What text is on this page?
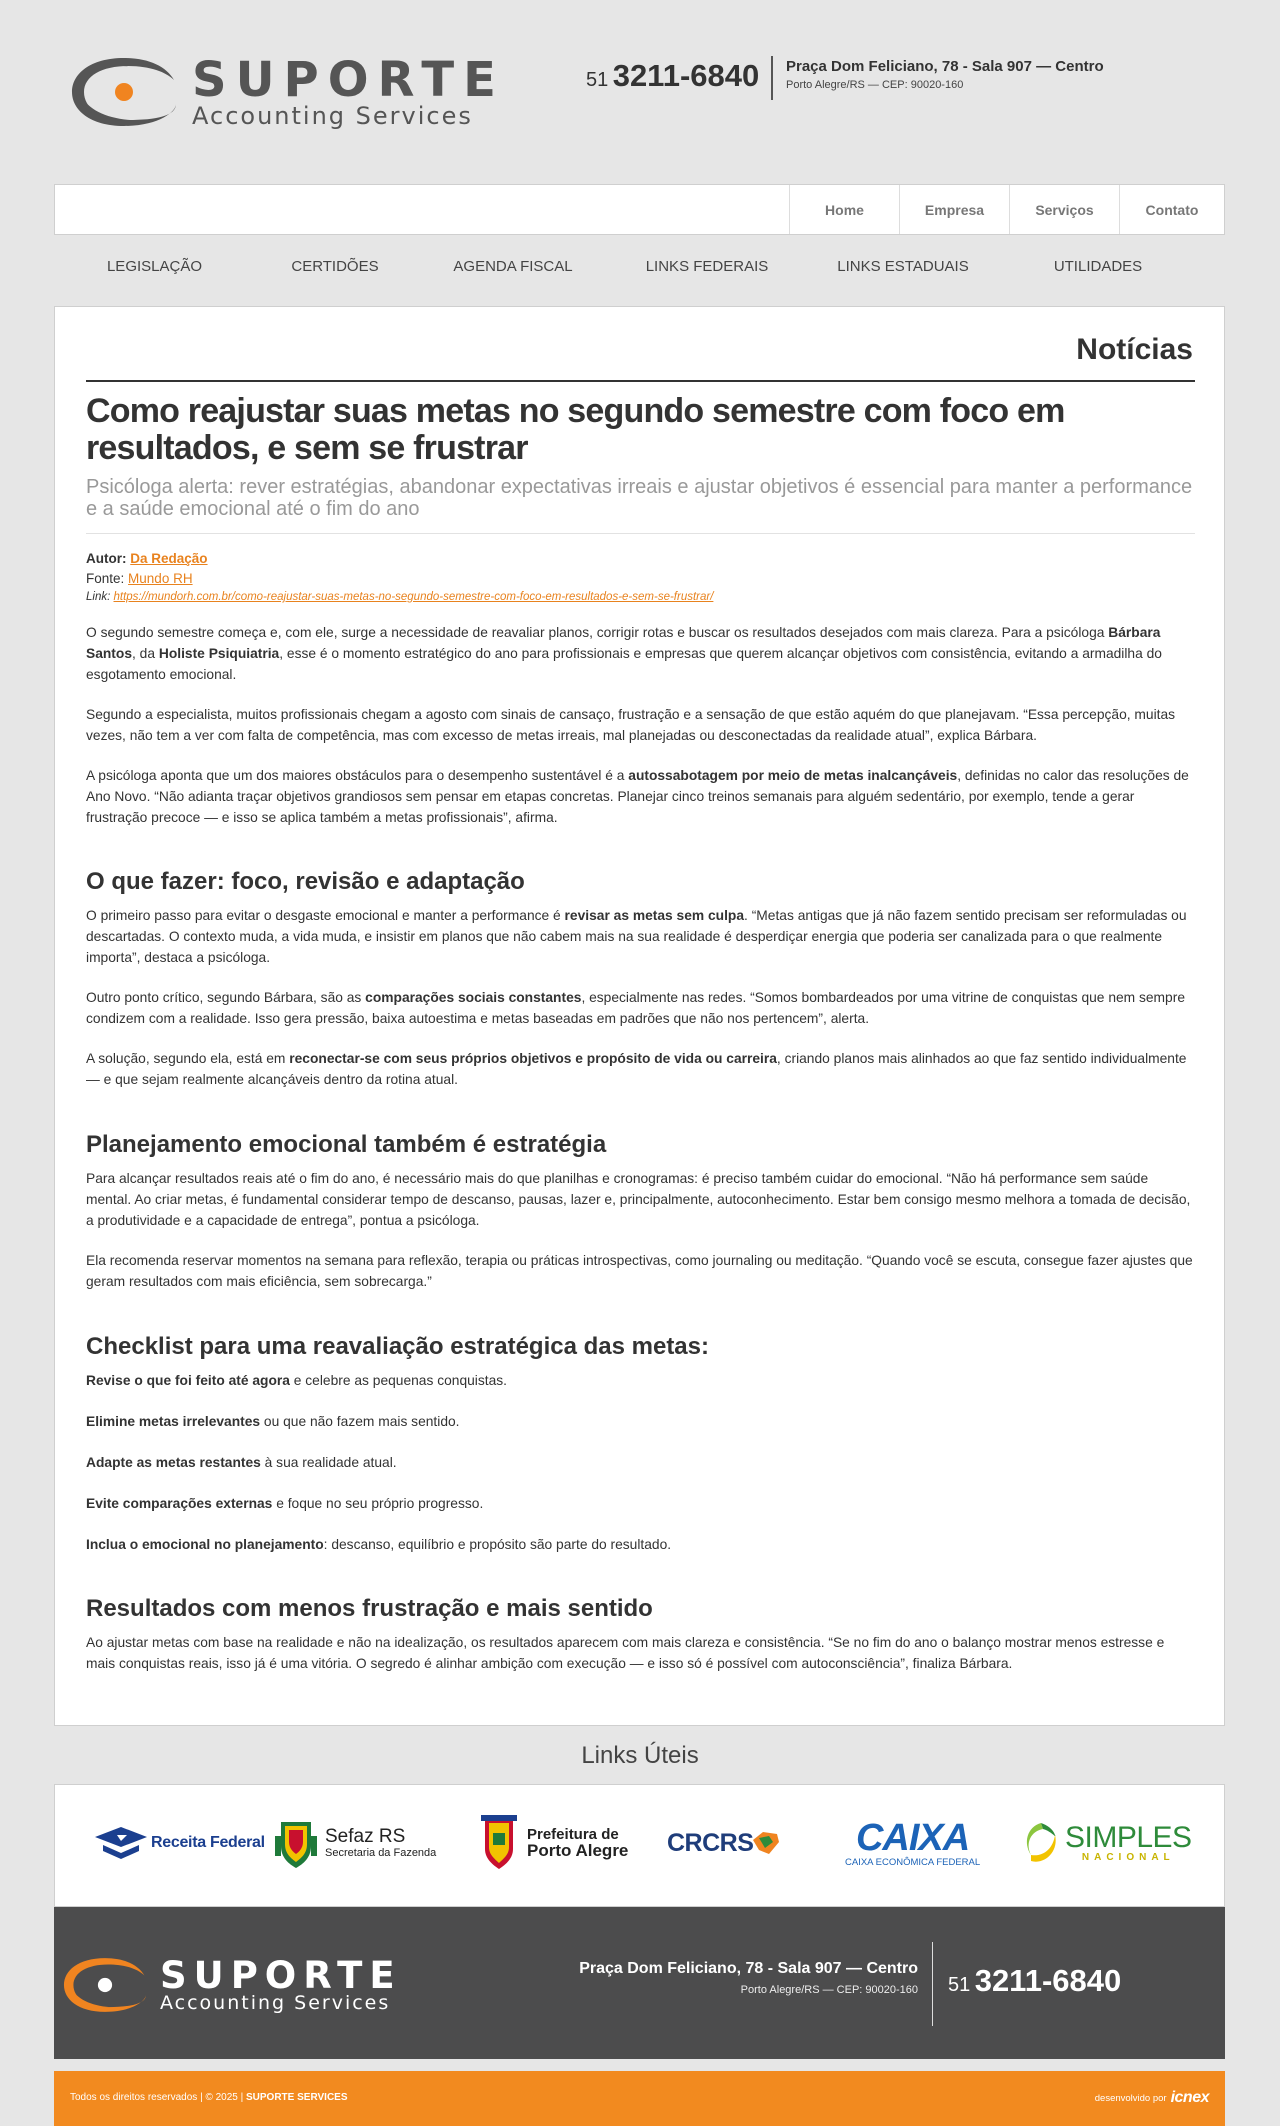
SUPORTE
Accounting Services
51 3211-6840 Praça Dom Feliciano, 78 - Sala 907 — Centro
Porto Alegre/RS — CEP: 90020-160
Home	Empresa	Serviços	Contato
LEGISLAÇÃO	CERTIDÕES	AGENDA FISCAL	LINKS FEDERAIS	LINKS ESTADUAIS	UTILIDADES
Notícias
Como reajustar suas metas no segundo semestre com foco em resultados, e sem se frustrar
Psicóloga alerta: rever estratégias, abandonar expectativas irreais e ajustar objetivos é essencial para manter a performance e a saúde emocional até o fim do ano
Autor: Da Redação
Fonte: Mundo RH
Link: https://mundorh.com.br/como-reajustar-suas-metas-no-segundo-semestre-com-foco-em-resultados-e-sem-se-frustrar/

O segundo semestre começa e, com ele, surge a necessidade de reavaliar planos, corrigir rotas e buscar os resultados desejados com mais clareza. Para a psicóloga Bárbara Santos, da Holiste Psiquiatria, esse é o momento estratégico do ano para profissionais e empresas que querem alcançar objetivos com consistência, evitando a armadilha do esgotamento emocional.

Segundo a especialista, muitos profissionais chegam a agosto com sinais de cansaço, frustração e a sensação de que estão aquém do que planejavam. “Essa percepção, muitas vezes, não tem a ver com falta de competência, mas com excesso de metas irreais, mal planejadas ou desconectadas da realidade atual”, explica Bárbara.

A psicóloga aponta que um dos maiores obstáculos para o desempenho sustentável é a autossabotagem por meio de metas inalcançáveis, definidas no calor das resoluções de Ano Novo. “Não adianta traçar objetivos grandiosos sem pensar em etapas concretas. Planejar cinco treinos semanais para alguém sedentário, por exemplo, tende a gerar frustração precoce — e isso se aplica também a metas profissionais”, afirma.

O que fazer: foco, revisão e adaptação

O primeiro passo para evitar o desgaste emocional e manter a performance é revisar as metas sem culpa. “Metas antigas que já não fazem sentido precisam ser reformuladas ou descartadas. O contexto muda, a vida muda, e insistir em planos que não cabem mais na sua realidade é desperdiçar energia que poderia ser canalizada para o que realmente importa”, destaca a psicóloga.

Outro ponto crítico, segundo Bárbara, são as comparações sociais constantes, especialmente nas redes. “Somos bombardeados por uma vitrine de conquistas que nem sempre condizem com a realidade. Isso gera pressão, baixa autoestima e metas baseadas em padrões que não nos pertencem”, alerta.

A solução, segundo ela, está em reconectar-se com seus próprios objetivos e propósito de vida ou carreira, criando planos mais alinhados ao que faz sentido individualmente — e que sejam realmente alcançáveis dentro da rotina atual.

Planejamento emocional também é estratégia

Para alcançar resultados reais até o fim do ano, é necessário mais do que planilhas e cronogramas: é preciso também cuidar do emocional. “Não há performance sem saúde mental. Ao criar metas, é fundamental considerar tempo de descanso, pausas, lazer e, principalmente, autoconhecimento. Estar bem consigo mesmo melhora a tomada de decisão, a produtividade e a capacidade de entrega”, pontua a psicóloga.

Ela recomenda reservar momentos na semana para reflexão, terapia ou práticas introspectivas, como journaling ou meditação. “Quando você se escuta, consegue fazer ajustes que geram resultados com mais eficiência, sem sobrecarga.”

Checklist para uma reavaliação estratégica das metas:

Revise o que foi feito até agora e celebre as pequenas conquistas.

Elimine metas irrelevantes ou que não fazem mais sentido.

Adapte as metas restantes à sua realidade atual.

Evite comparações externas e foque no seu próprio progresso.

Inclua o emocional no planejamento: descanso, equilíbrio e propósito são parte do resultado.

Resultados com menos frustração e mais sentido

Ao ajustar metas com base na realidade e não na idealização, os resultados aparecem com mais clareza e consistência. “Se no fim do ano o balanço mostrar menos estresse e mais conquistas reais, isso já é uma vitória. O segredo é alinhar ambição com execução — e isso só é possível com autoconsciência”, finaliza Bárbara.

Links Úteis
Receita Federal	Sefaz RS
Secretaria da Fazenda
Prefeitura de
Porto Alegre CRCRS	CAIXA
CAIXA ECONÔMICA FEDERAL
SIMPLES
NACIONAL
SUPORTE
Accounting Services
Praça Dom Feliciano, 78 - Sala 907 — Centro
Porto Alegre/RS — CEP: 90020-160 51 3211-6840
Todos os direitos reservados | © 2025 | SUPORTE SERVICES	desenvolvido por icnex
